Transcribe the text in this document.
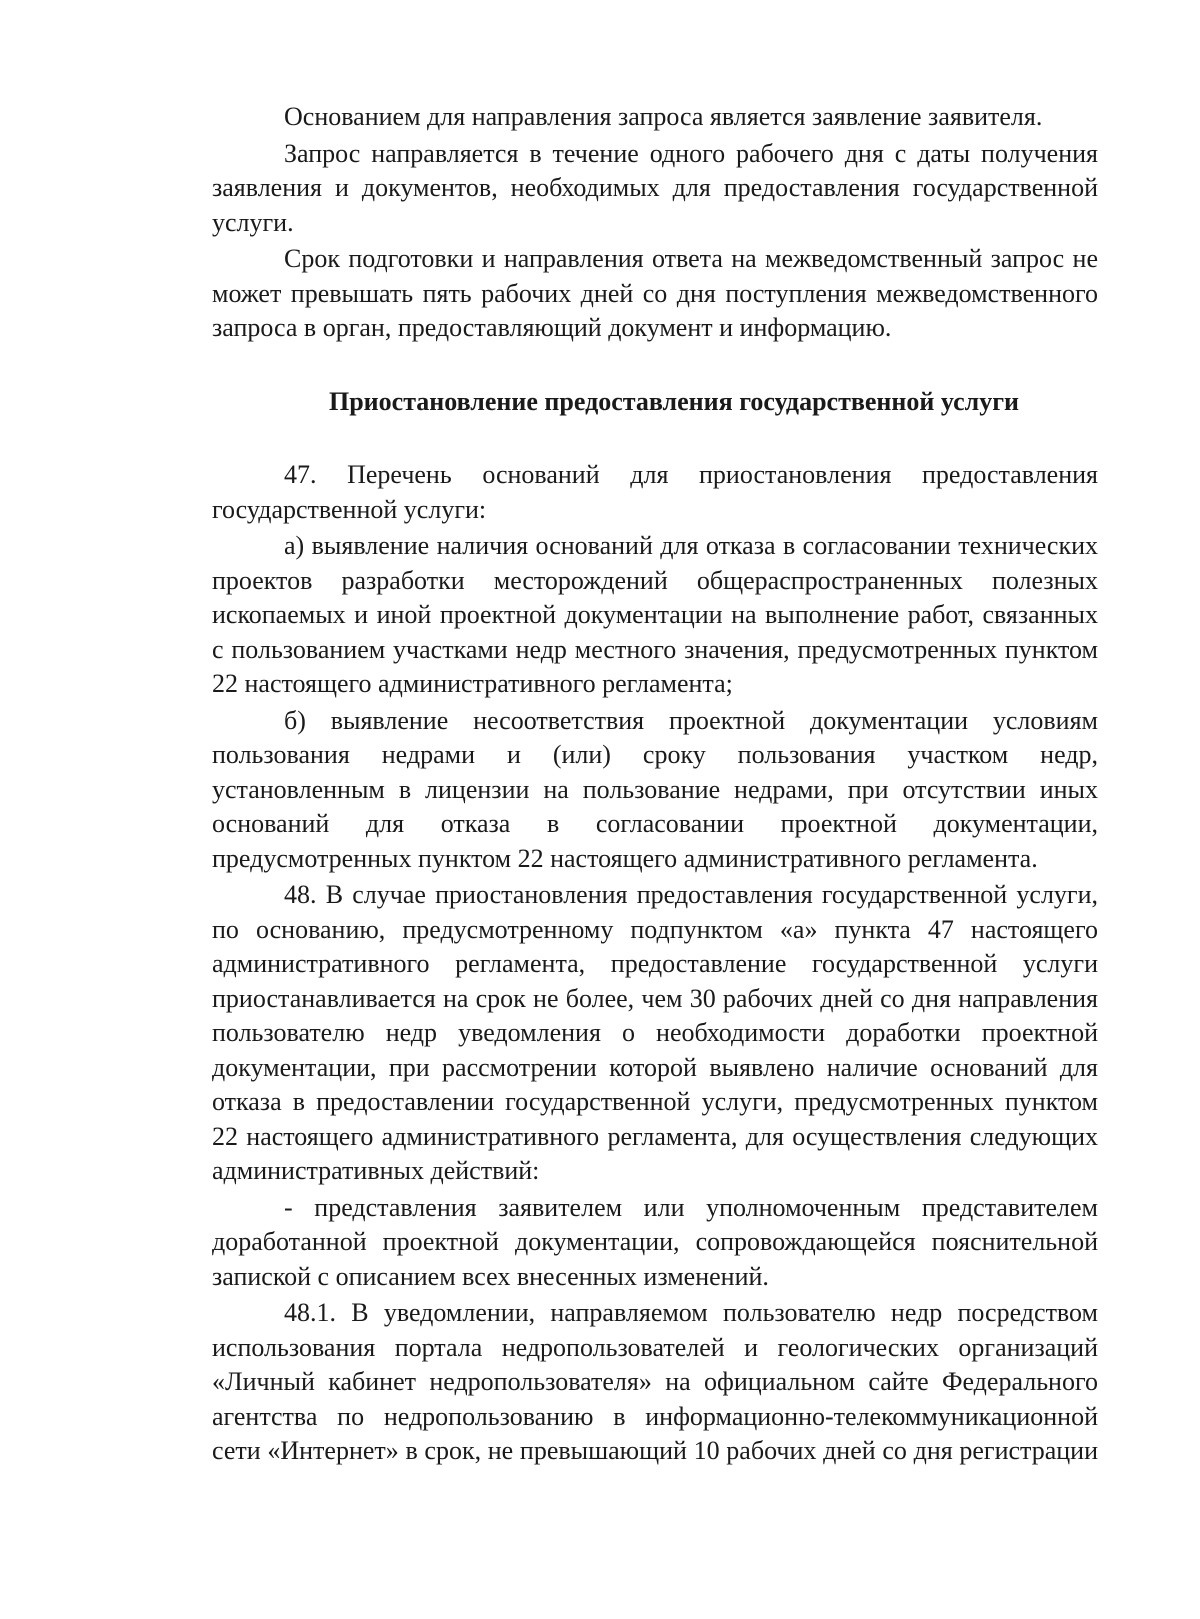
Основанием для направления запроса является заявление заявителя.

Запрос направляется в течение одного рабочего дня с даты получения заявления и документов, необходимых для предоставления государственной услуги.

Срок подготовки и направления ответа на межведомственный запрос не может превышать пять рабочих дней со дня поступления межведомственного запроса в орган, предоставляющий документ и информацию.

Приостановление предоставления государственной услуги

47. Перечень оснований для приостановления предоставления государственной услуги:

а) выявление наличия оснований для отказа в согласовании технических проектов разработки месторождений общераспространенных полезных ископаемых и иной проектной документации на выполнение работ, связанных с пользованием участками недр местного значения, предусмотренных пунктом 22 настоящего административного регламента;

б) выявление несоответствия проектной документации условиям пользования недрами и (или) сроку пользования участком недр, установленным в лицензии на пользование недрами, при отсутствии иных оснований для отказа в согласовании проектной документации, предусмотренных пунктом 22 настоящего административного регламента.

48. В случае приостановления предоставления государственной услуги, по основанию, предусмотренному подпунктом «а» пункта 47 настоящего административного регламента, предоставление государственной услуги приостанавливается на срок не более, чем 30 рабочих дней со дня направления пользователю недр уведомления о необходимости доработки проектной документации, при рассмотрении которой выявлено наличие оснований для отказа в предоставлении государственной услуги, предусмотренных пунктом 22 настоящего административного регламента, для осуществления следующих административных действий:

- представления заявителем или уполномоченным представителем доработанной проектной документации, сопровождающейся пояснительной запиской с описанием всех внесенных изменений.

48.1. В уведомлении, направляемом пользователю недр посредством использования портала недропользователей и геологических организаций «Личный кабинет недропользователя» на официальном сайте Федерального агентства по недропользованию в информационно-телекоммуникационной сети «Интернет» в срок, не превышающий 10 рабочих дней со дня регистрации
